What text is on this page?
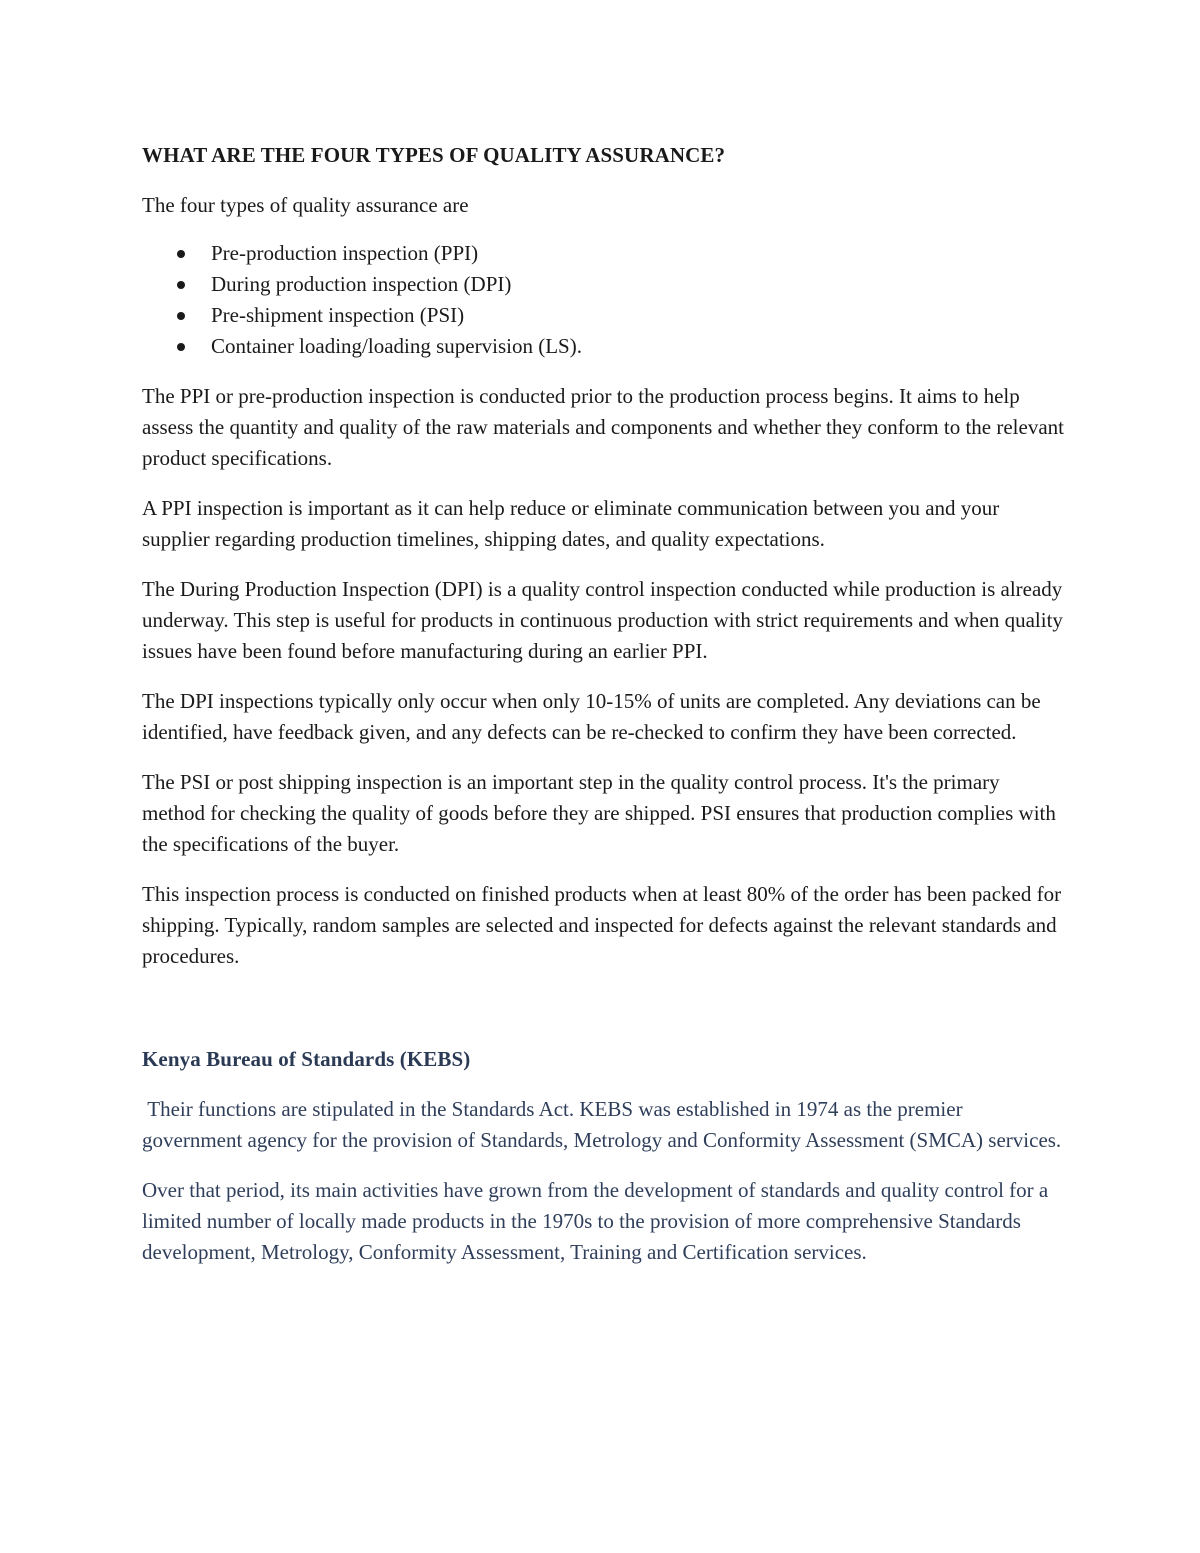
WHAT ARE THE FOUR TYPES OF QUALITY ASSURANCE?

The four types of quality assurance are

Pre-production inspection (PPI)
During production inspection (DPI)
Pre-shipment inspection (PSI)
Container loading/loading supervision (LS).

The PPI or pre-production inspection is conducted prior to the production process begins. It aims to help assess the quantity and quality of the raw materials and components and whether they conform to the relevant product specifications.

A PPI inspection is important as it can help reduce or eliminate communication between you and your supplier regarding production timelines, shipping dates, and quality expectations.

The During Production Inspection (DPI) is a quality control inspection conducted while production is already underway. This step is useful for products in continuous production with strict requirements and when quality issues have been found before manufacturing during an earlier PPI.

The DPI inspections typically only occur when only 10-15% of units are completed. Any deviations can be identified, have feedback given, and any defects can be re-checked to confirm they have been corrected.

The PSI or post shipping inspection is an important step in the quality control process. It's the primary method for checking the quality of goods before they are shipped. PSI ensures that production complies with the specifications of the buyer.

This inspection process is conducted on finished products when at least 80% of the order has been packed for shipping. Typically, random samples are selected and inspected for defects against the relevant standards and procedures.

Kenya Bureau of Standards (KEBS)

Their functions are stipulated in the Standards Act. KEBS was established in 1974 as the premier government agency for the provision of Standards, Metrology and Conformity Assessment (SMCA) services.

Over that period, its main activities have grown from the development of standards and quality control for a limited number of locally made products in the 1970s to the provision of more comprehensive Standards development, Metrology, Conformity Assessment, Training and Certification services.
